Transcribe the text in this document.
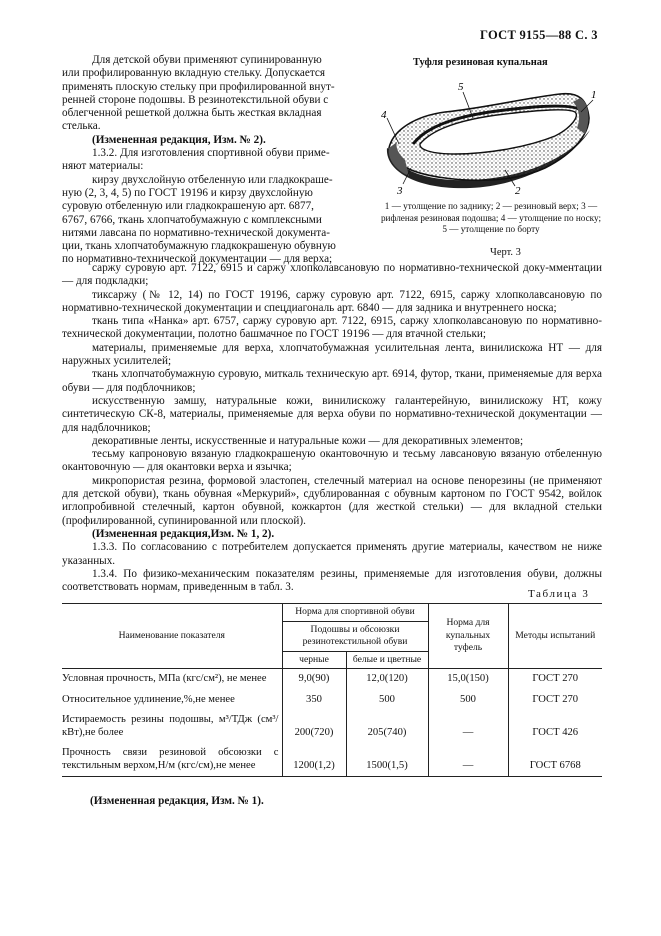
ГОСТ 9155—88 С. 3

Для детской обуви применяют супинированную

или профилированную вкладную стельку. Допускается

применять плоскую стельку при профилированной внут-

ренней стороне подошвы. В резинотекстильной обуви с

облегченной решеткой должна быть жесткая вкладная

стелька.

(Измененная редакция, Изм. № 2).

1.3.2. Для изготовления спортивной обуви приме-

няют материалы:

кирзу двухслойную отбеленную или гладкокраше-

ную (2, 3, 4, 5) по ГОСТ 19196 и кирзу двухслойную

суровую отбеленную или гладкокрашеную арт. 6877,

6767, 6766, ткань хлопчатобумажную с комплексными

нитями лавсана по нормативно-технической документа-

ции, ткань хлопчатобумажную гладкокрашеную обувную

по нормативно-технической документации — для верха;

Туфля резиновая купальная
5
1
4
3	2
1 — утолщение по заднику; 2 — резиновый верх; 3 — рифленая резиновая подошва; 4 — утолщение по носку; 5 — утолщение по борту
Черт. 3

саржу суровую арт. 7122, 6915 и саржу хлопколавсановую по нормативно-технической доку-мментации — для подкладки;

тиксаржу (№ 12, 14) по ГОСТ 19196, саржу суровую арт. 7122, 6915, саржу хлопколавсановую по нормативно-технической документации и спецдиагональ арт. 6840 — для задника и внутреннего носка;

ткань типа «Нанка» арт. 6757, саржу суровую арт. 7122, 6915, саржу хлопколавсановую по нормативно-технической документации, полотно башмачное по ГОСТ 19196 — для втачной стельки;

материалы, применяемые для верха, хлопчатобумажная усилительная лента, винилискожа НТ — для наружных усилителей;

ткань хлопчатобумажную суровую, миткаль техническую арт. 6914, футор, ткани, применяемые для верха обуви — для подблочников;

искусственную замшу, натуральные кожи, винилискожу галантерейную, винилискожу НТ, кожу синтетическую СК-8, материалы, применяемые для верха обуви по нормативно-технической документации — для надблочников;

декоративные ленты, искусственные и натуральные кожи — для декоративных элементов;

тесьму капроновую вязаную гладкокрашеную окантовочную и тесьму лавсановую вязаную отбеленную окантовочную — для окантовки верха и язычка;

микропористая резина, формовой эластопен, стелечный материал на основе пенорезины (не применяют для детской обуви), ткань обувная «Меркурий», сдублированная с обувным картоном по ГОСТ 9542, войлок иглопробивной стелечный, картон обувной, кожкартон (для жесткой стельки) — для вкладной стельки (профилированной, супинированной или плоской).

(Измененная редакция,Изм. № 1, 2).

1.3.3. По согласованию с потребителем допускается применять другие материалы, качеством не ниже указанных.

1.3.4. По физико-механическим показателям резины, применяемые для изготовления обуви, должны соответствовать нормам, приведенным в табл. 3.

Таблица 3
Наименование показателя	Норма для спортивной обуви		Норма для купальных туфель	Методы испытаний
	Подошвы и обсоюзки резинотекстильной обуви			
	черные	белые и цветные		
Условная прочность, МПа (кгс/см²), не менее	9,0(90)	12,0(120)	15,0(150)	ГОСТ 270
Относительное удлинение,%,не менее	350	500	500	ГОСТ 270
Истираемость резины подошвы, м³/ТДж (см³/кВт),не более	200(720)	205(740)	—	ГОСТ 426
Прочность связи резиновой обсоюзки с текстильным верхом,Н/м (кгс/см),не менее	1200(1,2)	1500(1,5)	—	ГОСТ 6768
(Измененная редакция, Изм. № 1).
